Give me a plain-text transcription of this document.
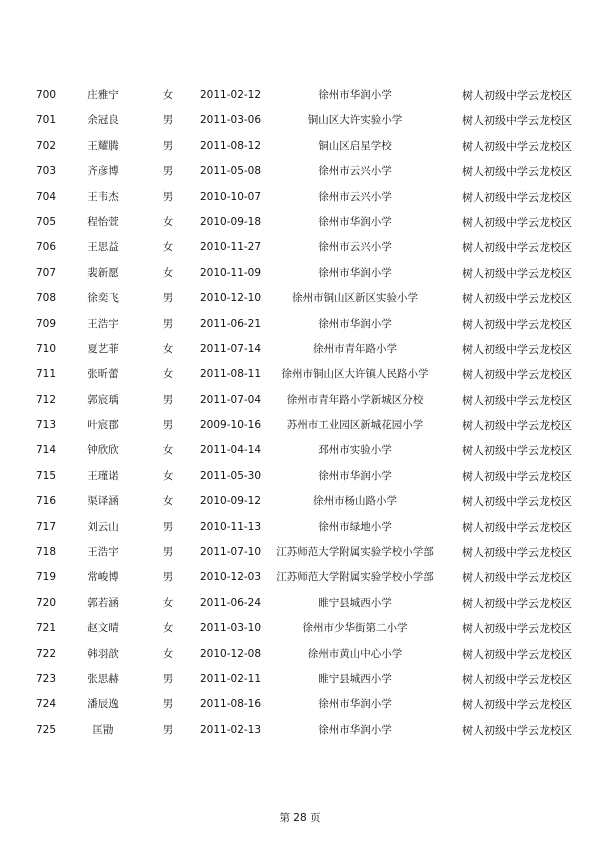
700	庄雅宁	女	2011-02-12	徐州市华润小学	树人初级中学云龙校区
701	余冠良	男	2011-03-06	铜山区大许实验小学	树人初级中学云龙校区
702	王耀腾	男	2011-08-12	铜山区启星学校	树人初级中学云龙校区
703	齐彦博	男	2011-05-08	徐州市云兴小学	树人初级中学云龙校区
704	王韦杰	男	2010-10-07	徐州市云兴小学	树人初级中学云龙校区
705	程怡萱	女	2010-09-18	徐州市华润小学	树人初级中学云龙校区
706	王思益	女	2010-11-27	徐州市云兴小学	树人初级中学云龙校区
707	裴新愿	女	2010-11-09	徐州市华润小学	树人初级中学云龙校区
708	徐奕飞	男	2010-12-10	徐州市铜山区新区实验小学	树人初级中学云龙校区
709	王浩宇	男	2011-06-21	徐州市华润小学	树人初级中学云龙校区
710	夏艺菲	女	2011-07-14	徐州市青年路小学	树人初级中学云龙校区
711	张昕蕾	女	2011-08-11	徐州市铜山区大许镇人民路小学	树人初级中学云龙校区
712	郭宸瑀	男	2011-07-04	徐州市青年路小学新城区分校	树人初级中学云龙校区
713	叶宸郡	男	2009-10-16	苏州市工业园区新城花园小学	树人初级中学云龙校区
714	钟欣欣	女	2011-04-14	邳州市实验小学	树人初级中学云龙校区
715	王瑾诺	女	2011-05-30	徐州市华润小学	树人初级中学云龙校区
716	渠译涵	女	2010-09-12	徐州市杨山路小学	树人初级中学云龙校区
717	刘云山	男	2010-11-13	徐州市绿地小学	树人初级中学云龙校区
718	王浩宇	男	2011-07-10	江苏师范大学附属实验学校小学部	树人初级中学云龙校区
719	常峻博	男	2010-12-03	江苏师范大学附属实验学校小学部	树人初级中学云龙校区
720	郭若涵	女	2011-06-24	睢宁县城西小学	树人初级中学云龙校区
721	赵文晴	女	2011-03-10	徐州市少华街第二小学	树人初级中学云龙校区
722	韩羽歆	女	2010-12-08	徐州市黄山中心小学	树人初级中学云龙校区
723	张思赫	男	2011-02-11	睢宁县城西小学	树人初级中学云龙校区
724	潘辰逸	男	2011-08-16	徐州市华润小学	树人初级中学云龙校区
725	匡勖	男	2011-02-13	徐州市华润小学	树人初级中学云龙校区
第 28 页
